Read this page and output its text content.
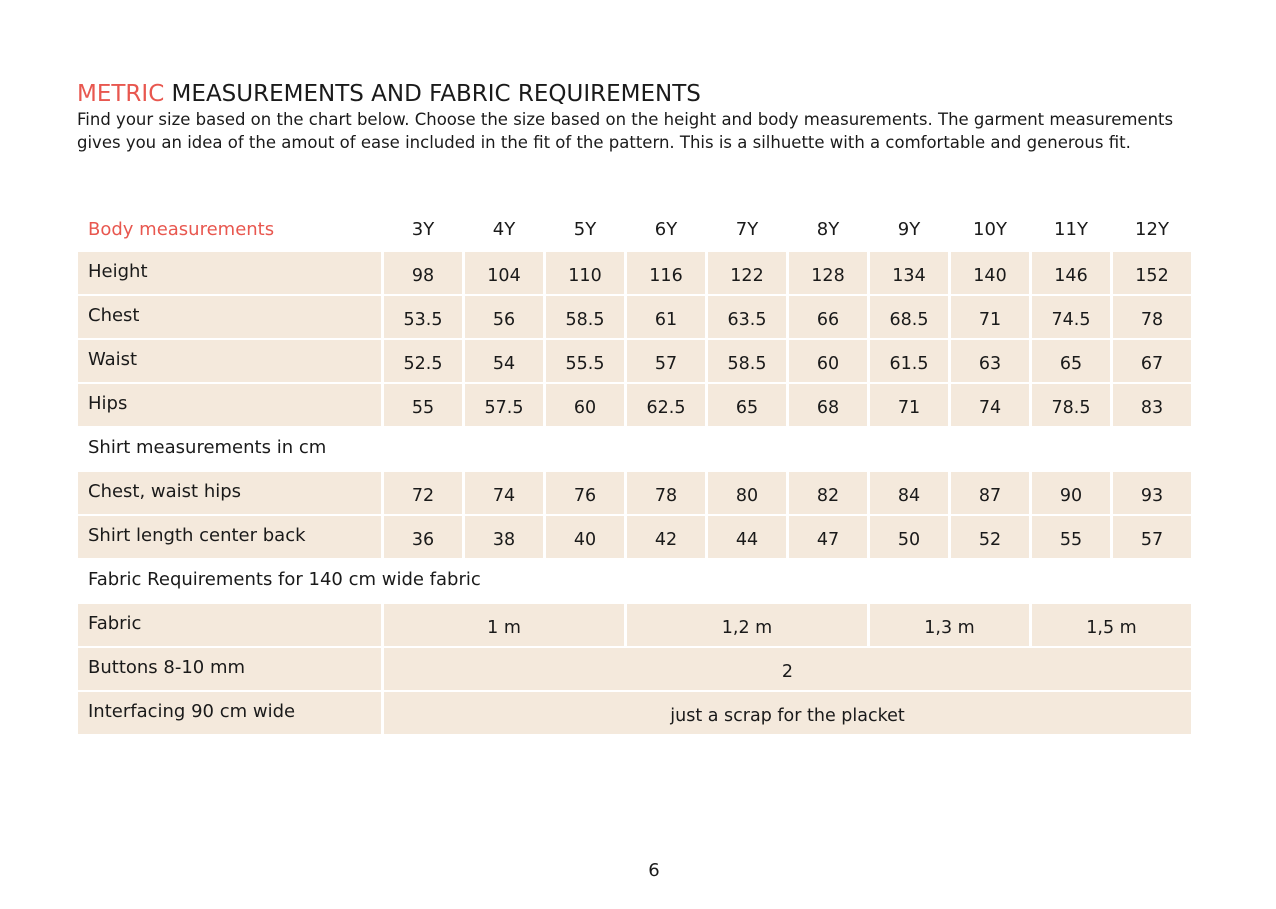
METRIC MEASUREMENTS AND FABRIC REQUIREMENTS

Find your size based on the chart below. Choose the size based on the height and body measurements. The garment measurements gives you an idea of the amout of ease included in the fit of the pattern. This is a silhuette with a comfortable and generous fit.

Body measurements	3Y	4Y	5Y	6Y	7Y	8Y	9Y	10Y	11Y	12Y
Height	98	104	110	116	122	128	134	140	146	152
Chest	53.5	56	58.5	61	63.5	66	68.5	71	74.5	78
Waist	52.5	54	55.5	57	58.5	60	61.5	63	65	67
Hips	55	57.5	60	62.5	65	68	71	74	78.5	83
Shirt measurements in cm										
Chest, waist hips	72	74	76	78	80	82	84	87	90	93
Shirt length center back	36	38	40	42	44	47	50	52	55	57
Fabric Requirements for 140 cm wide fabric										
Fabric	1 m			1,2 m			1,3 m		1,5 m	
Buttons 8-10 mm	2									
Interfacing 90 cm wide	just a scrap for the placket									
6
